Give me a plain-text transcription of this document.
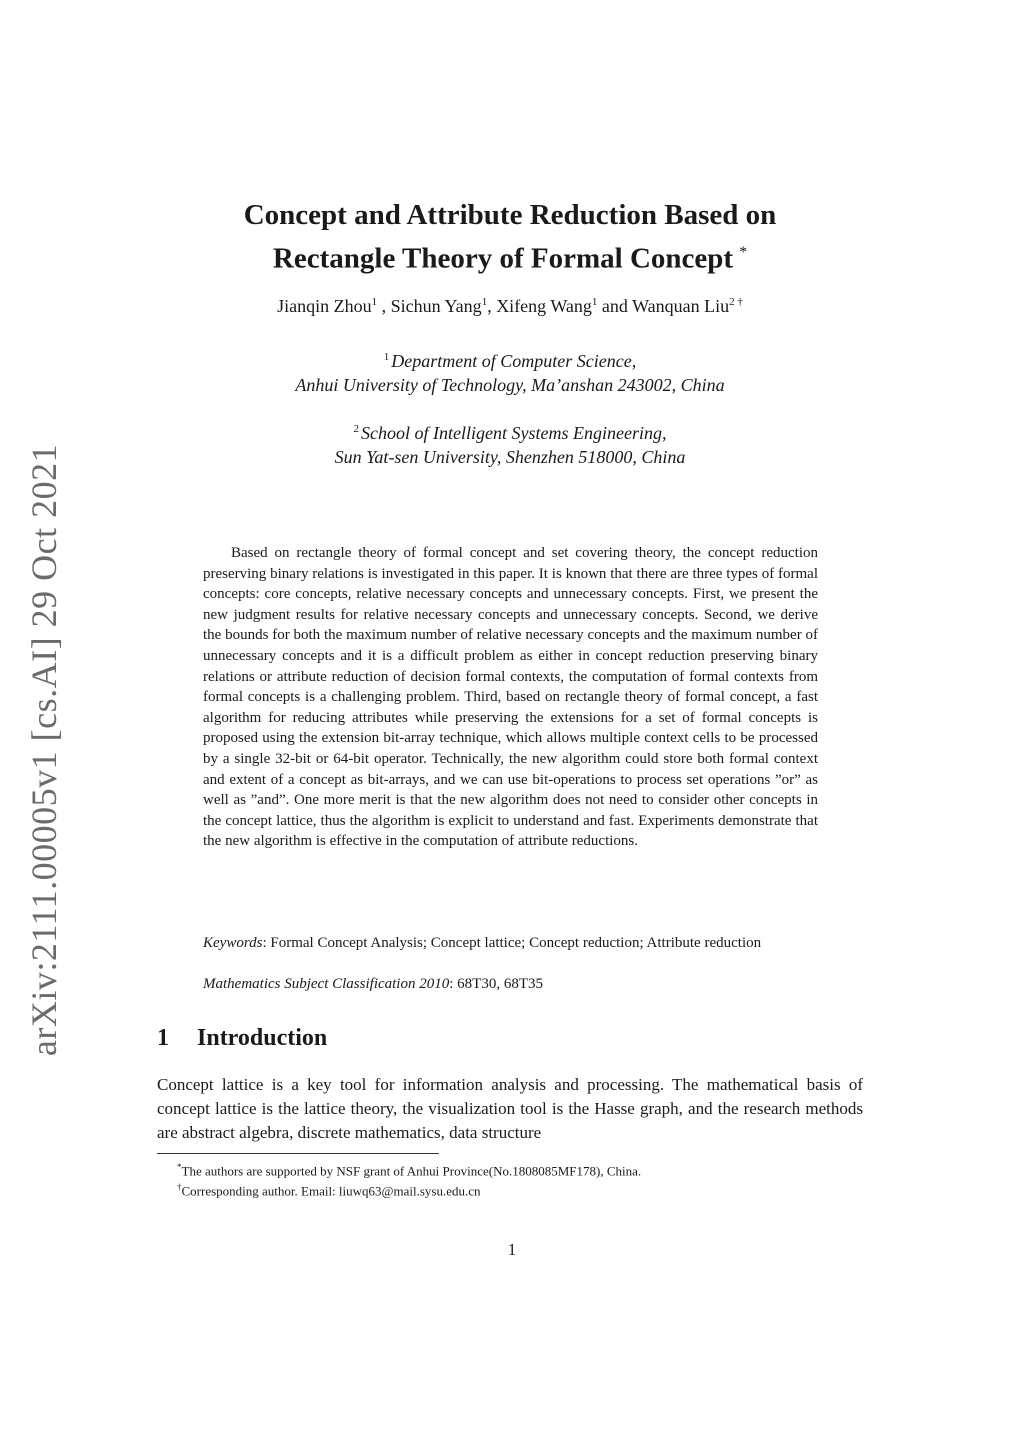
arXiv:2111.00005v1 [cs.AI] 29 Oct 2021
Concept and Attribute Reduction Based on
Rectangle Theory of Formal Concept *
Jianqin Zhou$^1$ , Sichun Yang$^1$, Xifeng Wang$^1$ and Wanquan Liu$^{2 \dagger}$
$^1$ Department of Computer Science,
Anhui University of Technology, Ma’anshan 243002, China
$^2$ School of Intelligent Systems Engineering,
Sun Yat-sen University, Shenzhen 518000, China

Based on rectangle theory of formal concept and set covering theory, the concept reduction preserving binary relations is investigated in this paper. It is known that there are three types of formal concepts: core concepts, relative necessary concepts and unnecessary concepts. First, we present the new judgment results for relative necessary concepts and unnecessary concepts. Second, we derive the bounds for both the maximum number of relative necessary concepts and the maximum number of unnecessary concepts and it is a difficult problem as either in concept reduction preserving binary relations or attribute reduction of decision formal contexts, the computation of formal contexts from formal concepts is a challenging problem. Third, based on rectangle theory of formal concept, a fast algorithm for reducing attributes while preserving the extensions for a set of formal concepts is proposed using the extension bit-array technique, which allows multiple context cells to be processed by a single 32-bit or 64-bit operator. Technically, the new algorithm could store both formal context and extent of a concept as bit-arrays, and we can use bit-operations to process set operations ”or” as well as ”and”. One more merit is that the new algorithm does not need to consider other concepts in the concept lattice, thus the algorithm is explicit to understand and fast. Experiments demonstrate that the new algorithm is effective in the computation of attribute reductions.

Keywords: Formal Concept Analysis; Concept lattice; Concept reduction; Attribute reduction
Mathematics Subject Classification 2010: 68T30, 68T35
1 Introduction

Concept lattice is a key tool for information analysis and processing. The mathematical basis of concept lattice is the lattice theory, the visualization tool is the Hasse graph, and the research methods are abstract algebra, discrete mathematics, data structure

*The authors are supported by NSF grant of Anhui Province(No.1808085MF178), China.
†Corresponding author. Email: liuwq63@mail.sysu.edu.cn
1
